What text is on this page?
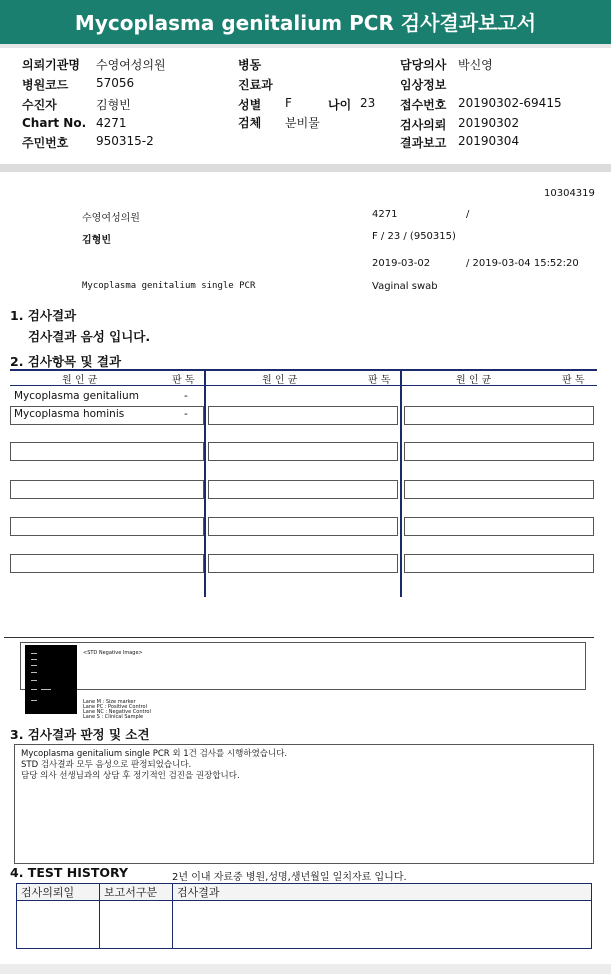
Mycoplasma genitalium PCR 검사결과보고서
의뢰기관명 수영여성의원
병원코드 57056
수진자	김형빈
Chart No. 4271
주민번호 950315-2
병동
진료과
성별 F	나이 23
검체 분비물
담당의사 박신영
임상정보
접수번호 20190302-69415
검사의뢰 20190302
결과보고 20190304
10304319
수영여성의원	4271	/
김형빈	F / 23 / (950315)
2019-03-02	/ 2019-03-04 15:52:20
Mycoplasma genitalium single PCR	Vaginal swab
1. 검사결과
검사결과 음성 입니다.
2. 검사항목 및 결과
원 인 균	판 독	원 인 균	판 독	원 인 균	판 독
Mycoplasma genitalium	-
Mycoplasma hominis	-
<STD Negative Image>
Lane M : Size marker
Lane PC : Positive Control
Lane NC : Negative Control
Lane S : Clinical Sample
3. 검사결과 판정 및 소견
Mycoplasma genitalium single PCR 외 1건 검사를 시행하였습니다.
STD 검사결과 모두 음성으로 판정되었습니다.
담당 의사 선생님과의 상담 후 정기적인 검진을 권장합니다.
4. TEST HISTORY	2년 이내 자료중 병원,성명,생년월일 일치자료 입니다.
검사의뢰일	보고서구분	검사결과
